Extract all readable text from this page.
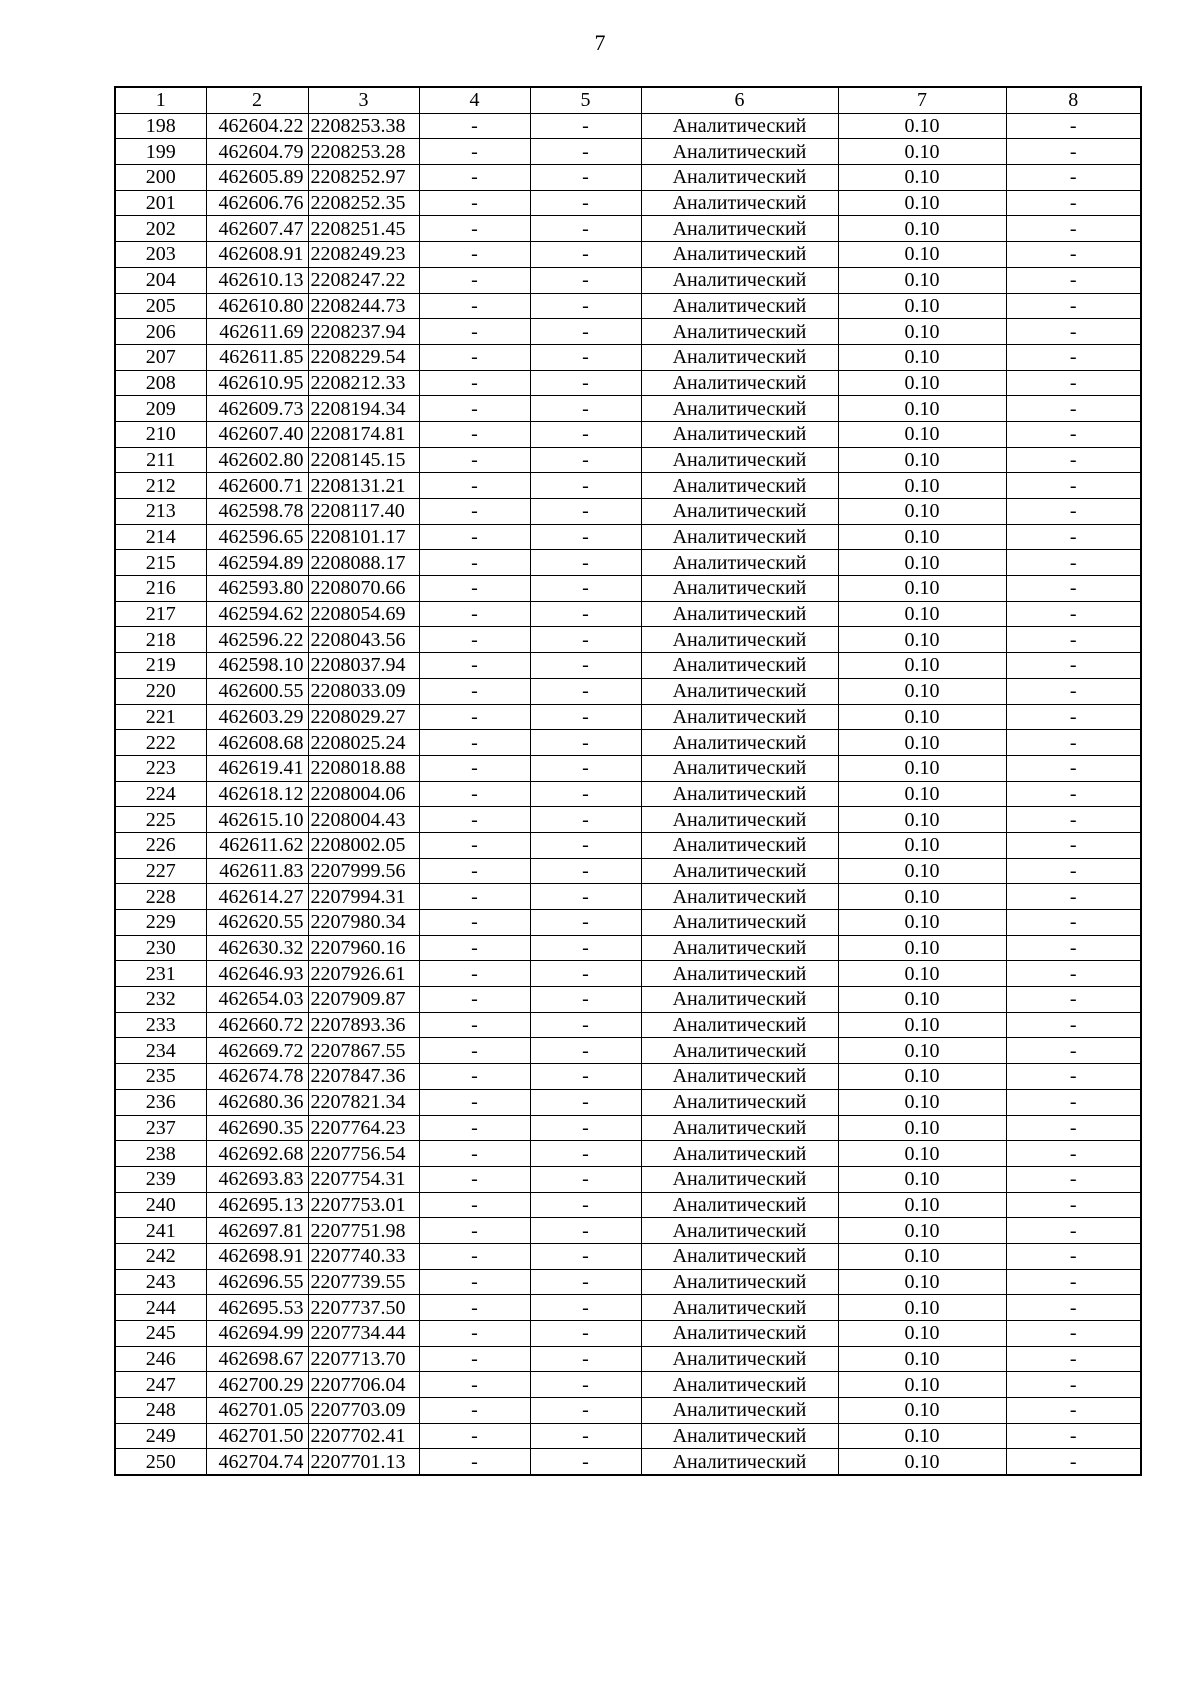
7
1	2	3	4	5	6	7	8
198	462604.22	2208253.38	-	-	Аналитический	0.10	-
199	462604.79	2208253.28	-	-	Аналитический	0.10	-
200	462605.89	2208252.97	-	-	Аналитический	0.10	-
201	462606.76	2208252.35	-	-	Аналитический	0.10	-
202	462607.47	2208251.45	-	-	Аналитический	0.10	-
203	462608.91	2208249.23	-	-	Аналитический	0.10	-
204	462610.13	2208247.22	-	-	Аналитический	0.10	-
205	462610.80	2208244.73	-	-	Аналитический	0.10	-
206	462611.69	2208237.94	-	-	Аналитический	0.10	-
207	462611.85	2208229.54	-	-	Аналитический	0.10	-
208	462610.95	2208212.33	-	-	Аналитический	0.10	-
209	462609.73	2208194.34	-	-	Аналитический	0.10	-
210	462607.40	2208174.81	-	-	Аналитический	0.10	-
211	462602.80	2208145.15	-	-	Аналитический	0.10	-
212	462600.71	2208131.21	-	-	Аналитический	0.10	-
213	462598.78	2208117.40	-	-	Аналитический	0.10	-
214	462596.65	2208101.17	-	-	Аналитический	0.10	-
215	462594.89	2208088.17	-	-	Аналитический	0.10	-
216	462593.80	2208070.66	-	-	Аналитический	0.10	-
217	462594.62	2208054.69	-	-	Аналитический	0.10	-
218	462596.22	2208043.56	-	-	Аналитический	0.10	-
219	462598.10	2208037.94	-	-	Аналитический	0.10	-
220	462600.55	2208033.09	-	-	Аналитический	0.10	-
221	462603.29	2208029.27	-	-	Аналитический	0.10	-
222	462608.68	2208025.24	-	-	Аналитический	0.10	-
223	462619.41	2208018.88	-	-	Аналитический	0.10	-
224	462618.12	2208004.06	-	-	Аналитический	0.10	-
225	462615.10	2208004.43	-	-	Аналитический	0.10	-
226	462611.62	2208002.05	-	-	Аналитический	0.10	-
227	462611.83	2207999.56	-	-	Аналитический	0.10	-
228	462614.27	2207994.31	-	-	Аналитический	0.10	-
229	462620.55	2207980.34	-	-	Аналитический	0.10	-
230	462630.32	2207960.16	-	-	Аналитический	0.10	-
231	462646.93	2207926.61	-	-	Аналитический	0.10	-
232	462654.03	2207909.87	-	-	Аналитический	0.10	-
233	462660.72	2207893.36	-	-	Аналитический	0.10	-
234	462669.72	2207867.55	-	-	Аналитический	0.10	-
235	462674.78	2207847.36	-	-	Аналитический	0.10	-
236	462680.36	2207821.34	-	-	Аналитический	0.10	-
237	462690.35	2207764.23	-	-	Аналитический	0.10	-
238	462692.68	2207756.54	-	-	Аналитический	0.10	-
239	462693.83	2207754.31	-	-	Аналитический	0.10	-
240	462695.13	2207753.01	-	-	Аналитический	0.10	-
241	462697.81	2207751.98	-	-	Аналитический	0.10	-
242	462698.91	2207740.33	-	-	Аналитический	0.10	-
243	462696.55	2207739.55	-	-	Аналитический	0.10	-
244	462695.53	2207737.50	-	-	Аналитический	0.10	-
245	462694.99	2207734.44	-	-	Аналитический	0.10	-
246	462698.67	2207713.70	-	-	Аналитический	0.10	-
247	462700.29	2207706.04	-	-	Аналитический	0.10	-
248	462701.05	2207703.09	-	-	Аналитический	0.10	-
249	462701.50	2207702.41	-	-	Аналитический	0.10	-
250	462704.74	2207701.13	-	-	Аналитический	0.10	-
